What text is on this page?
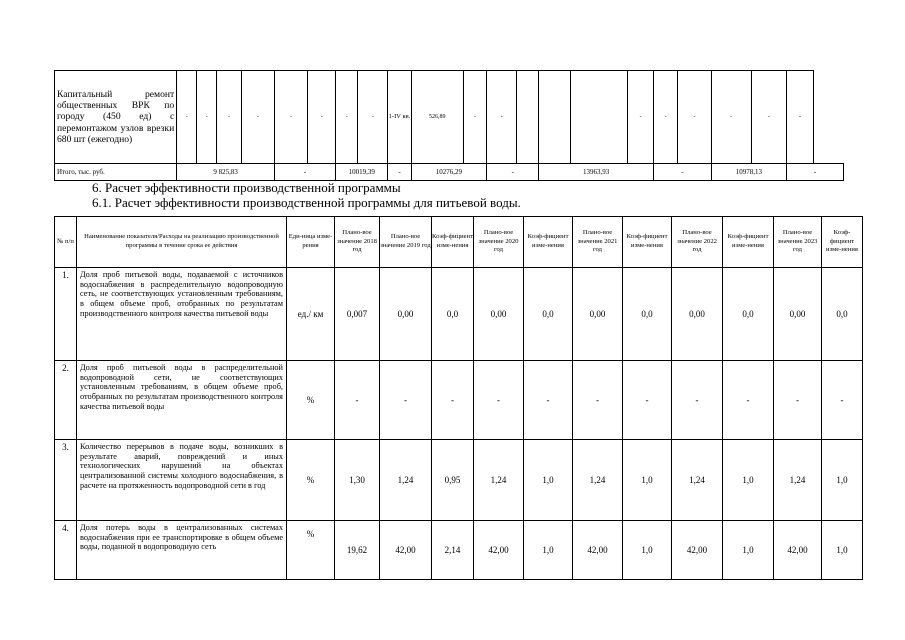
Капитальный ремонт общественных ВРК по городу (450 ед) с перемонтажом узлов врезки 680 шт (ежегодно)	-	-	-	-	-	-	-	-	1-IV кв.	526,89	-	-				-	-	-	-	-	-
Итого, тыс. руб.	9 825,83				-		10019,39		-	10276,29		-		13963,93			-		10978,13		-
6. Расчет эффективности производственной программы
6.1. Расчет эффективности производственной программы для питьевой воды.
№ п/п	Наименование показателя/Расходы на реализацию производственной программы в течение срока ее действия	Еди-ница изме-рения	Плано-вое значение 2018 год	Плано-вое значение 2019 год	Коэф-фициент изме-нения	Плано-вое значение 2020 год	Коэф-фициент изме-нения	Плано-вое значение 2021 год	Коэф-фициент изме-нения	Плано-вое значение 2022 год	Коэф-фициент изме-нения	Плано-вое значение 2023 год	Коэф-фициент изме-нения
1.	Доля проб питьевой воды, подаваемой с источников водоснабжения в распределительную водопроводную сеть, не соответствующих установленным требованиям, в общем объеме проб, отобранных по результатам производственного контроля качества питьевой воды	ед./ км	0,007	0,00	0,0	0,00	0,0	0,00	0,0	0,00	0,0	0,00	0,0
2.	Доля проб питьевой воды в распределительной водопроводной сети, не соответствующих установленным требованиям, в общем объеме проб, отобранных по результатам производственного контроля качества питьевой воды	%	-	-	-	-	-	-	-	-	-	-	-
3.	Количество перерывов в подаче воды, возникших в результате аварий, повреждений и иных технологических нарушений на объектах централизованной системы холодного водоснабжения, в расчете на протяженность водопроводной сети в год	%	1,30	1,24	0,95	1,24	1,0	1,24	1,0	1,24	1,0	1,24	1,0
4.	Доля потерь воды в централизованных системах водоснабжения при ее транспортировке в общем объеме воды, поданной в водопроводную сеть	%	19,62	42,00	2,14	42,00	1,0	42,00	1,0	42,00	1,0	42,00	1,0
